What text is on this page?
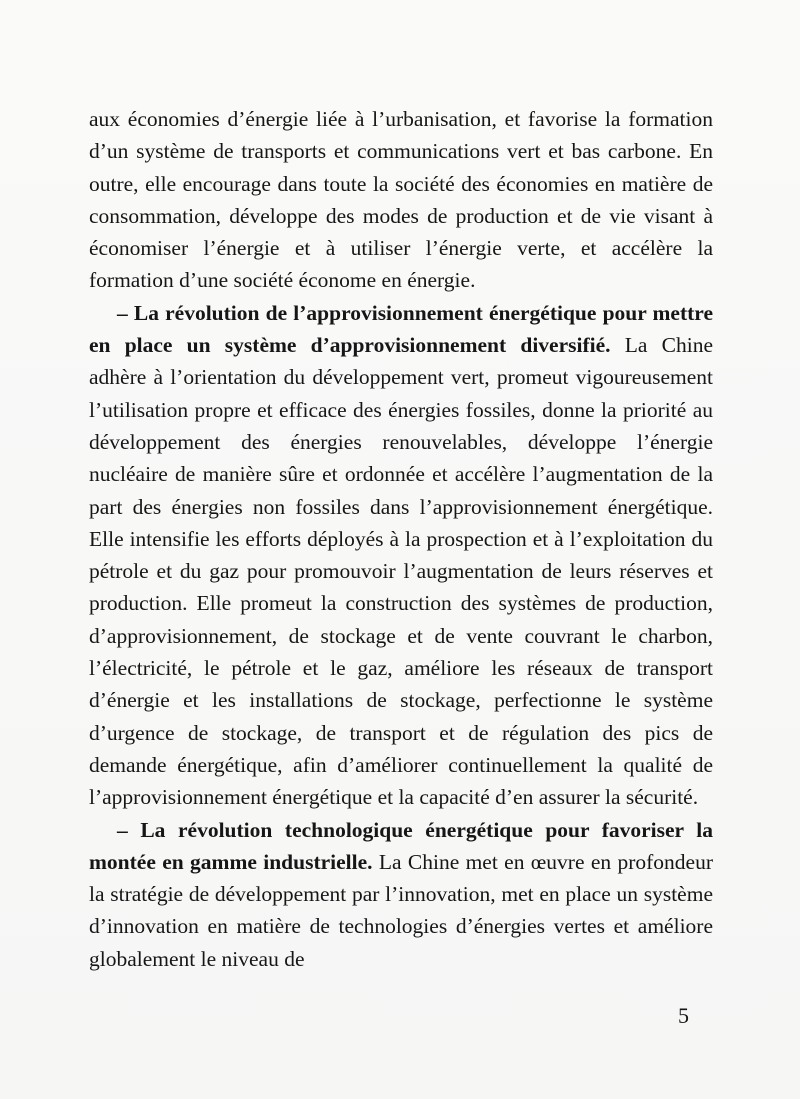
aux économies d’énergie liée à l’urbanisation, et favorise la formation d’un système de transports et communications vert et bas carbone. En outre, elle encourage dans toute la société des économies en matière de consommation, développe des modes de production et de vie visant à économiser l’énergie et à utiliser l’énergie verte, et accélère la formation d’une société économe en énergie.

– La révolution de l’approvisionnement énergétique pour mettre en place un système d’approvisionnement diversifié. La Chine adhère à l’orientation du développement vert, promeut vigoureusement l’utilisation propre et efficace des énergies fossiles, donne la priorité au développement des énergies renouvelables, développe l’énergie nucléaire de manière sûre et ordonnée et accélère l’augmentation de la part des énergies non fossiles dans l’approvisionnement énergétique. Elle intensifie les efforts déployés à la prospection et à l’exploitation du pétrole et du gaz pour promouvoir l’augmentation de leurs réserves et production. Elle promeut la construction des systèmes de production, d’approvisionnement, de stockage et de vente couvrant le charbon, l’électricité, le pétrole et le gaz, améliore les réseaux de transport d’énergie et les installations de stockage, perfectionne le système d’urgence de stockage, de transport et de régulation des pics de demande énergétique, afin d’améliorer continuellement la qualité de l’approvisionnement énergétique et la capacité d’en assurer la sécurité.

– La révolution technologique énergétique pour favoriser la montée en gamme industrielle. La Chine met en œuvre en profondeur la stratégie de développement par l’innovation, met en place un système d’innovation en matière de technologies d’énergies vertes et améliore globalement le niveau de

5
